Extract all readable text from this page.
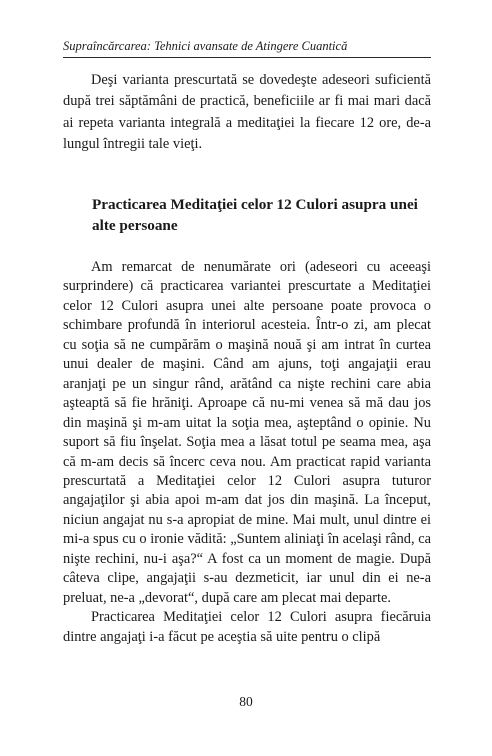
Supraîncărcarea: Tehnici avansate de Atingere Cuantică

Deşi varianta prescurtată se dovedeşte adeseori suficientă după trei săptămâni de practică, beneficiile ar fi mai mari dacă ai repeta varianta integrală a meditaţiei la fiecare 12 ore, de-a lungul întregii tale vieţi.

Practicarea Meditaţiei celor 12 Culori asupra unei alte persoane

Am remarcat de nenumărate ori (adeseori cu aceeaşi surprindere) că practicarea variantei prescurtate a Meditaţiei celor 12 Culori asupra unei alte persoane poate provoca o schimbare profundă în interiorul acesteia. Într-o zi, am plecat cu soţia să ne cumpărăm o maşină nouă şi am intrat în curtea unui dealer de maşini. Când am ajuns, toţi angajaţii erau aranjaţi pe un singur rând, arătând ca nişte rechini care abia aşteaptă să fie hrăniţi. Aproape că nu-mi venea să mă dau jos din maşină şi m-am uitat la soţia mea, aşteptând o opinie. Nu suport să fiu înşelat. Soţia mea a lăsat totul pe seama mea, aşa că m-am decis să încerc ceva nou. Am practicat rapid varianta prescurtată a Meditaţiei celor 12 Culori asupra tuturor angajaţilor şi abia apoi m-am dat jos din maşină. La început, niciun angajat nu s-a apropiat de mine. Mai mult, unul dintre ei mi-a spus cu o ironie vădită: „Suntem aliniaţi în acelaşi rând, ca nişte rechini, nu-i aşa?“ A fost ca un moment de magie. După câteva clipe, angajaţii s-au dezmeticit, iar unul din ei ne-a preluat, ne-a „devorat“, după care am plecat mai departe.

Practicarea Meditaţiei celor 12 Culori asupra fiecăruia dintre angajaţi i-a făcut pe aceştia să uite pentru o clipă

80
